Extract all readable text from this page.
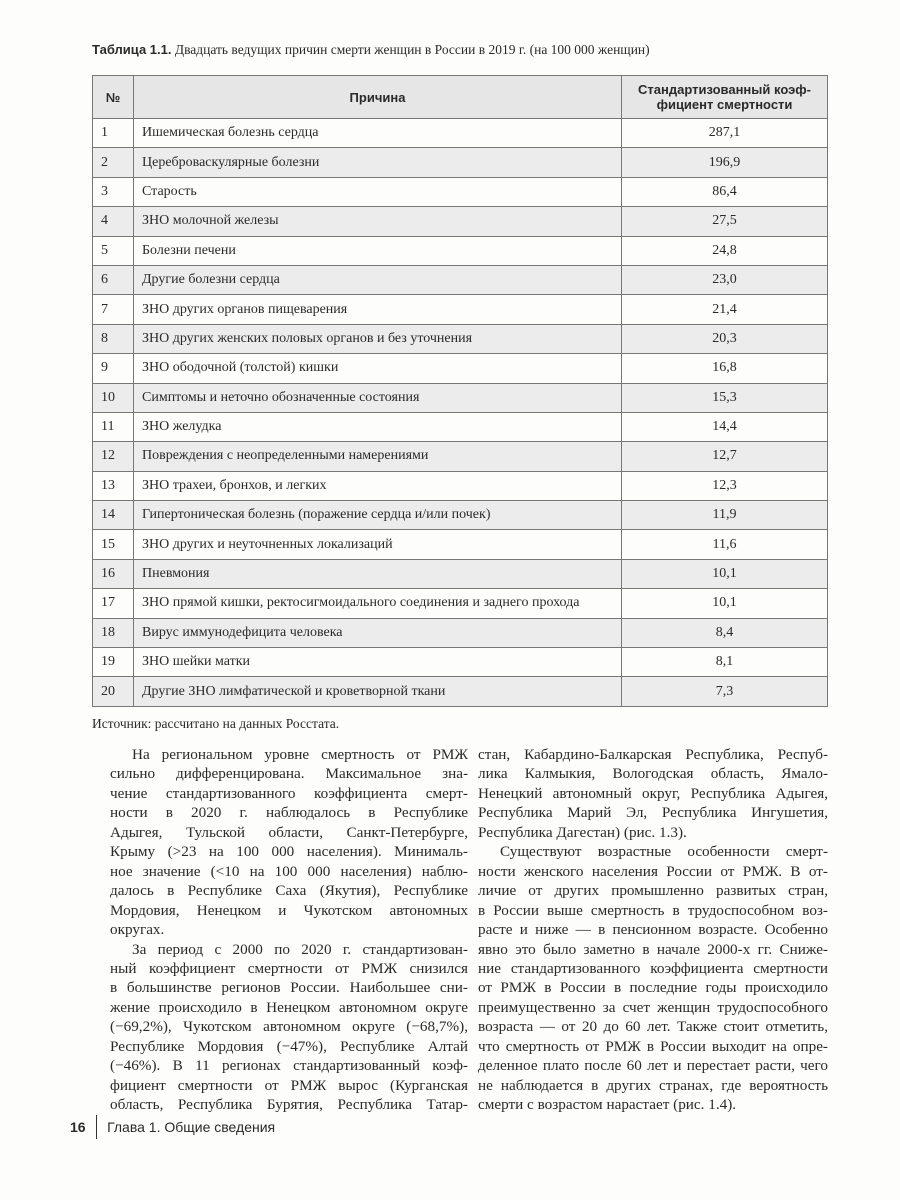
Таблица 1.1. Двадцать ведущих причин смерти женщин в России в 2019 г. (на 100 000 женщин)
№	Причина	Стандартизованный коэф-
фициент смертности
1	Ишемическая болезнь сердца	287,1
2	Цереброваскулярные болезни	196,9
3	Старость	86,4
4	ЗНО молочной железы	27,5
5	Болезни печени	24,8
6	Другие болезни сердца	23,0
7	ЗНО других органов пищеварения	21,4
8	ЗНО других женских половых органов и без уточнения	20,3
9	ЗНО ободочной (толстой) кишки	16,8
10	Симптомы и неточно обозначенные состояния	15,3
11	ЗНО желудка	14,4
12	Повреждения с неопределенными намерениями	12,7
13	ЗНО трахеи, бронхов, и легких	12,3
14	Гипертоническая болезнь (поражение сердца и/или почек)	11,9
15	ЗНО других и неуточненных локализаций	11,6
16	Пневмония	10,1
17	ЗНО прямой кишки, ректосигмоидального соединения и заднего прохода	10,1
18	Вирус иммунодефицита человека	8,4
19	ЗНО шейки матки	8,1
20	Другие ЗНО лимфатической и кроветворной ткани	7,3
Источник: рассчитано на данных Росстата.
На региональном уровне смертность от РМЖ
сильно дифференцирована. Максимальное зна-
чение стандартизованного коэффициента смерт-
ности в 2020 г. наблюдалось в Республике
Адыгея, Тульской области, Санкт-Петербурге,
Крыму (>23 на 100 000 населения). Минималь-
ное значение (<10 на 100 000 населения) наблю-
далось в Республике Саха (Якутия), Республике
Мордовия, Ненецком и Чукотском автономных
округах.
За период с 2000 по 2020 г. стандартизован-
ный коэффициент смертности от РМЖ снизился
в большинстве регионов России. Наибольшее сни-
жение происходило в Ненецком автономном округе
(−69,2%), Чукотском автономном округе (−68,7%),
Республике Мордовия (−47%), Республике Алтай
(−46%). В 11 регионах стандартизованный коэф-
фициент смертности от РМЖ вырос (Курганская
область, Республика Бурятия, Республика Татар-
стан, Кабардино-Балкарская Республика, Респуб-
лика Калмыкия, Вологодская область, Ямало-
Ненецкий автономный округ, Республика Адыгея,
Республика Марий Эл, Республика Ингушетия,
Республика Дагестан) (рис. 1.3).
Существуют возрастные особенности смерт-
ности женского населения России от РМЖ. В от-
личие от других промышленно развитых стран,
в России выше смертность в трудоспособном воз-
расте и ниже — в пенсионном возрасте. Особенно
явно это было заметно в начале 2000-х гг. Сниже-
ние стандартизованного коэффициента смертности
от РМЖ в России в последние годы происходило
преимущественно за счет женщин трудоспособного
возраста — от 20 до 60 лет. Также стоит отметить,
что смертность от РМЖ в России выходит на опре-
деленное плато после 60 лет и перестает расти, чего
не наблюдается в других странах, где вероятность
смерти с возрастом нарастает (рис. 1.4).
16 Глава 1. Общие сведения
